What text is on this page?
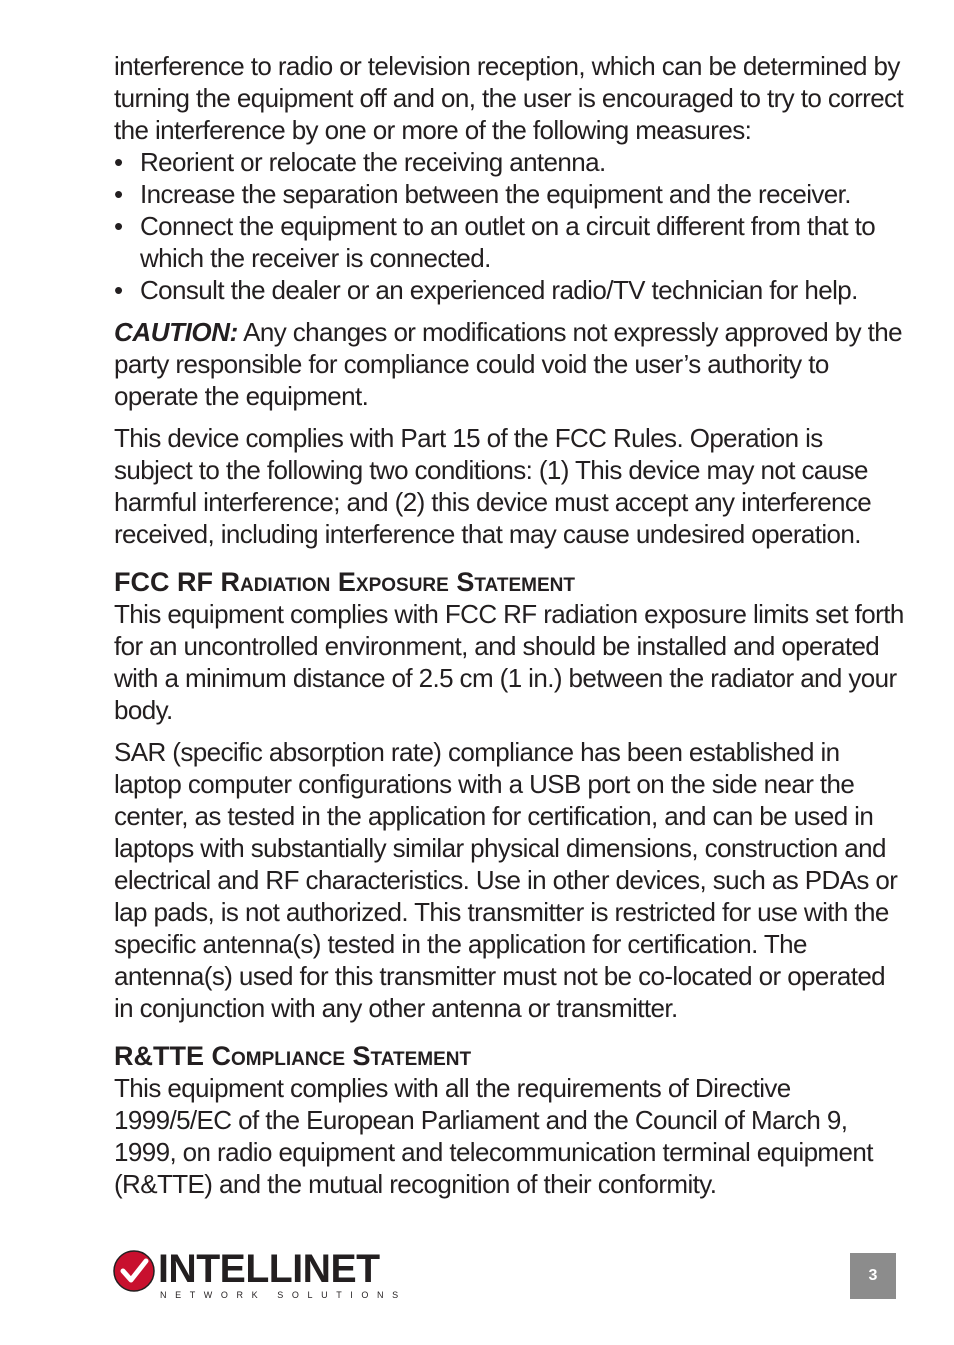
interference to radio or television reception, which can be determined by turning the equipment off and on, the user is encouraged to try to correct the interference by one or more of the following measures:

• Reorient or relocate the receiving antenna.
• Increase the separation between the equipment and the receiver.
• Connect the equipment to an outlet on a circuit different from that to which the receiver is connected.
• Consult the dealer or an experienced radio/TV technician for help.

CAUTION: Any changes or modifications not expressly approved by the party responsible for compliance could void the user’s authority to operate the equipment.

This device complies with Part 15 of the FCC Rules. Operation is subject to the following two conditions: (1) This device may not cause harmful interference; and (2) this device must accept any interference received, including interference that may cause undesired operation.

FCC RF Radiation Exposure Statement

This equipment complies with FCC RF radiation exposure limits set forth for an uncontrolled environment, and should be installed and operated with a minimum distance of 2.5 cm (1 in.) between the radiator and your body.

SAR (specific absorption rate) compliance has been established in laptop computer configurations with a USB port on the side near the center, as tested in the application for certification, and can be used in laptops with substantially similar physical dimensions, construction and electrical and RF characteristics. Use in other devices, such as PDAs or lap pads, is not authorized. This transmitter is restricted for use with the specific antenna(s) tested in the application for certification. The antenna(s) used for this transmitter must not be co-located or operated in conjunction with any other antenna or transmitter.

R&TTE Compliance Statement

This equipment complies with all the requirements of Directive 1999/5/EC of the European Parliament and the Council of March 9, 1999, on radio equipment and telecommunication terminal equipment (R&TTE) and the mutual recognition of their conformity.

INTELLINET
NETWORK SOLUTIONS
3
